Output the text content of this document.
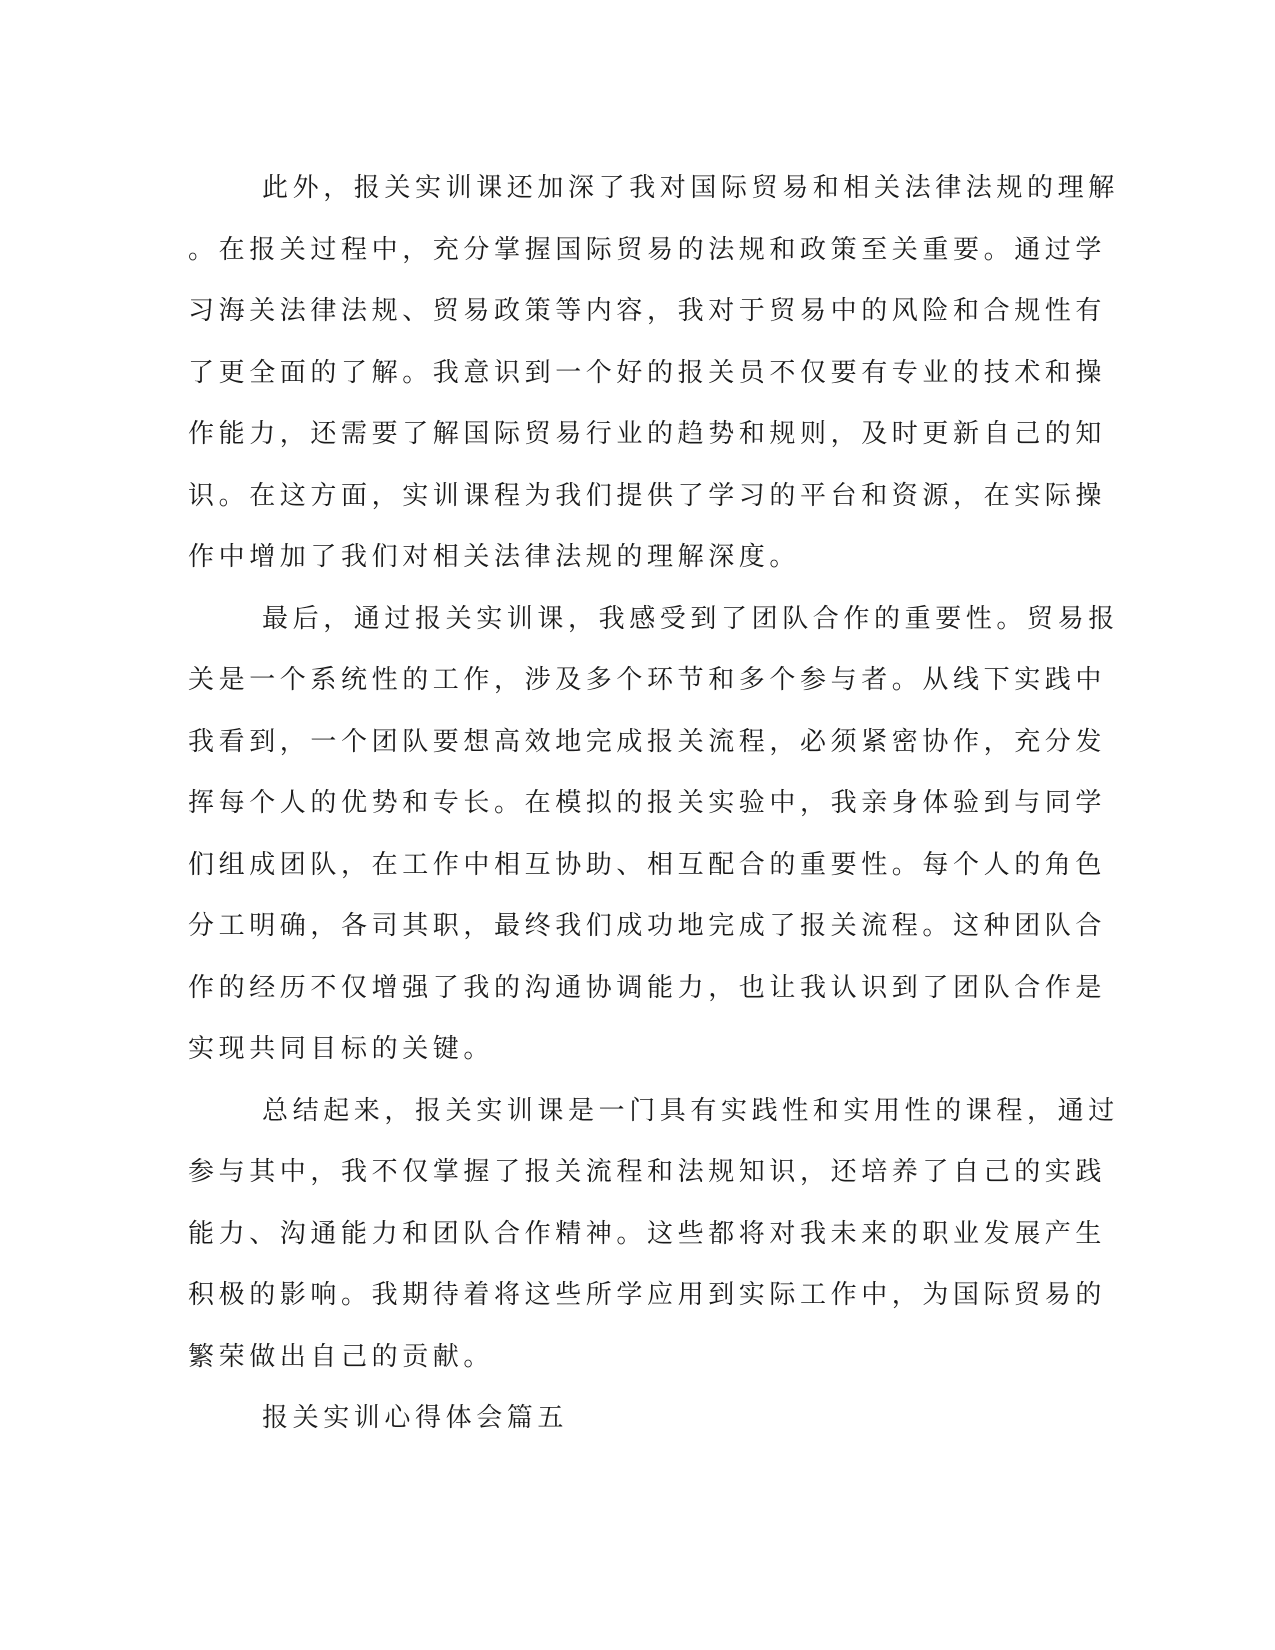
此外，报关实训课还加深了我对国际贸易和相关法律法规的理解
。在报关过程中，充分掌握国际贸易的法规和政策至关重要。通过学
习海关法律法规、贸易政策等内容，我对于贸易中的风险和合规性有
了更全面的了解。我意识到一个好的报关员不仅要有专业的技术和操
作能力，还需要了解国际贸易行业的趋势和规则，及时更新自己的知
识。在这方面，实训课程为我们提供了学习的平台和资源，在实际操
作中增加了我们对相关法律法规的理解深度。
最后，通过报关实训课，我感受到了团队合作的重要性。贸易报
关是一个系统性的工作，涉及多个环节和多个参与者。从线下实践中
我看到，一个团队要想高效地完成报关流程，必须紧密协作，充分发
挥每个人的优势和专长。在模拟的报关实验中，我亲身体验到与同学
们组成团队，在工作中相互协助、相互配合的重要性。每个人的角色
分工明确，各司其职，最终我们成功地完成了报关流程。这种团队合
作的经历不仅增强了我的沟通协调能力，也让我认识到了团队合作是
实现共同目标的关键。
总结起来，报关实训课是一门具有实践性和实用性的课程，通过
参与其中，我不仅掌握了报关流程和法规知识，还培养了自己的实践
能力、沟通能力和团队合作精神。这些都将对我未来的职业发展产生
积极的影响。我期待着将这些所学应用到实际工作中，为国际贸易的
繁荣做出自己的贡献。
报关实训心得体会篇五
